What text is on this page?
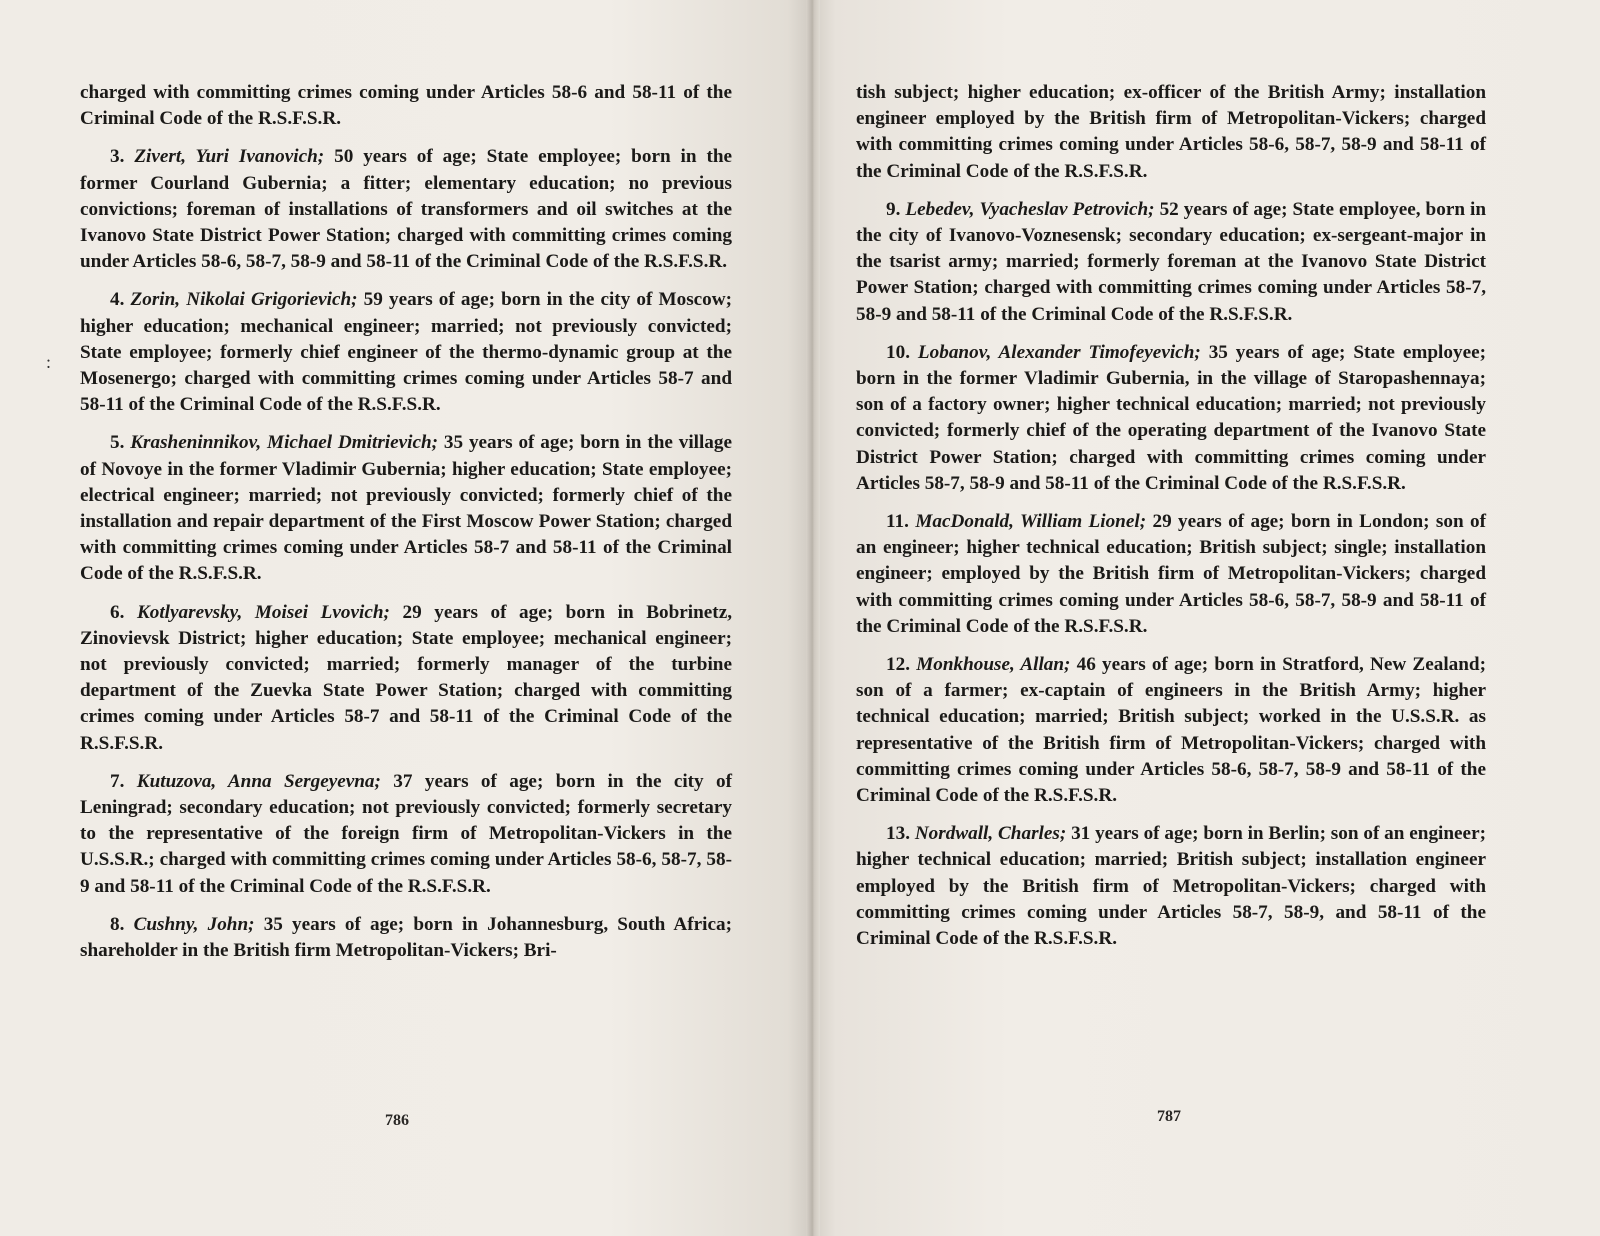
:

charged with committing crimes coming under Articles 58-6 and 58-11 of the Criminal Code of the R.S.F.S.R.

3. Zivert, Yuri Ivanovich; 50 years of age; State employee; born in the former Courland Gubernia; a fitter; elementary education; no previous convictions; foreman of installations of transformers and oil switches at the Ivanovo State District Power Station; charged with committing crimes coming under Articles 58-6, 58-7, 58-9 and 58-11 of the Criminal Code of the R.S.F.S.R.

4. Zorin, Nikolai Grigorievich; 59 years of age; born in the city of Moscow; higher education; mechanical engineer; married; not previously convicted; State employee; formerly chief engineer of the thermo-dynamic group at the Mosenergo; charged with committing crimes coming under Articles 58-7 and 58-11 of the Criminal Code of the R.S.F.S.R.

5. Krasheninnikov, Michael Dmitrievich; 35 years of age; born in the village of Novoye in the former Vladimir Gubernia; higher education; State employee; electrical engineer; married; not previously convicted; formerly chief of the installation and repair department of the First Moscow Power Station; charged with committing crimes coming under Articles 58-7 and 58-11 of the Criminal Code of the R.S.F.S.R.

6. Kotlyarevsky, Moisei Lvovich; 29 years of age; born in Bobrinetz, Zinovievsk District; higher education; State employee; mechanical engineer; not previously convicted; married; formerly manager of the turbine department of the Zuevka State Power Station; charged with committing crimes coming under Articles 58-7 and 58-11 of the Criminal Code of the R.S.F.S.R.

7. Kutuzova, Anna Sergeyevna; 37 years of age; born in the city of Leningrad; secondary education; not previously convicted; formerly secretary to the representative of the foreign firm of Metropolitan-Vickers in the U.S.S.R.; charged with committing crimes coming under Articles 58-6, 58-7, 58-9 and 58-11 of the Criminal Code of the R.S.F.S.R.

8. Cushny, John; 35 years of age; born in Johannesburg, South Africa; shareholder in the British firm Metropolitan-Vickers; Bri-

786

tish subject; higher education; ex-officer of the British Army; installation engineer employed by the British firm of Metropolitan-Vickers; charged with committing crimes coming under Articles 58-6, 58-7, 58-9 and 58-11 of the Criminal Code of the R.S.F.S.R.

9. Lebedev, Vyacheslav Petrovich; 52 years of age; State employee, born in the city of Ivanovo-Voznesensk; secondary education; ex-sergeant-major in the tsarist army; married; formerly foreman at the Ivanovo State District Power Station; charged with committing crimes coming under Articles 58-7, 58-9 and 58-11 of the Criminal Code of the R.S.F.S.R.

10. Lobanov, Alexander Timofeyevich; 35 years of age; State employee; born in the former Vladimir Gubernia, in the village of Staropashennaya; son of a factory owner; higher technical education; married; not previously convicted; formerly chief of the operating department of the Ivanovo State District Power Station; charged with committing crimes coming under Articles 58-7, 58-9 and 58-11 of the Criminal Code of the R.S.F.S.R.

11. MacDonald, William Lionel; 29 years of age; born in London; son of an engineer; higher technical education; British subject; single; installation engineer; employed by the British firm of Metropolitan-Vickers; charged with committing crimes coming under Articles 58-6, 58-7, 58-9 and 58-11 of the Criminal Code of the R.S.F.S.R.

12. Monkhouse, Allan; 46 years of age; born in Stratford, New Zealand; son of a farmer; ex-captain of engineers in the British Army; higher technical education; married; British subject; worked in the U.S.S.R. as representative of the British firm of Metropolitan-Vickers; charged with committing crimes coming under Articles 58-6, 58-7, 58-9 and 58-11 of the Criminal Code of the R.S.F.S.R.

13. Nordwall, Charles; 31 years of age; born in Berlin; son of an engineer; higher technical education; married; British subject; installation engineer employed by the British firm of Metropolitan-Vickers; charged with committing crimes coming under Articles 58-7, 58-9, and 58-11 of the Criminal Code of the R.S.F.S.R.

787
